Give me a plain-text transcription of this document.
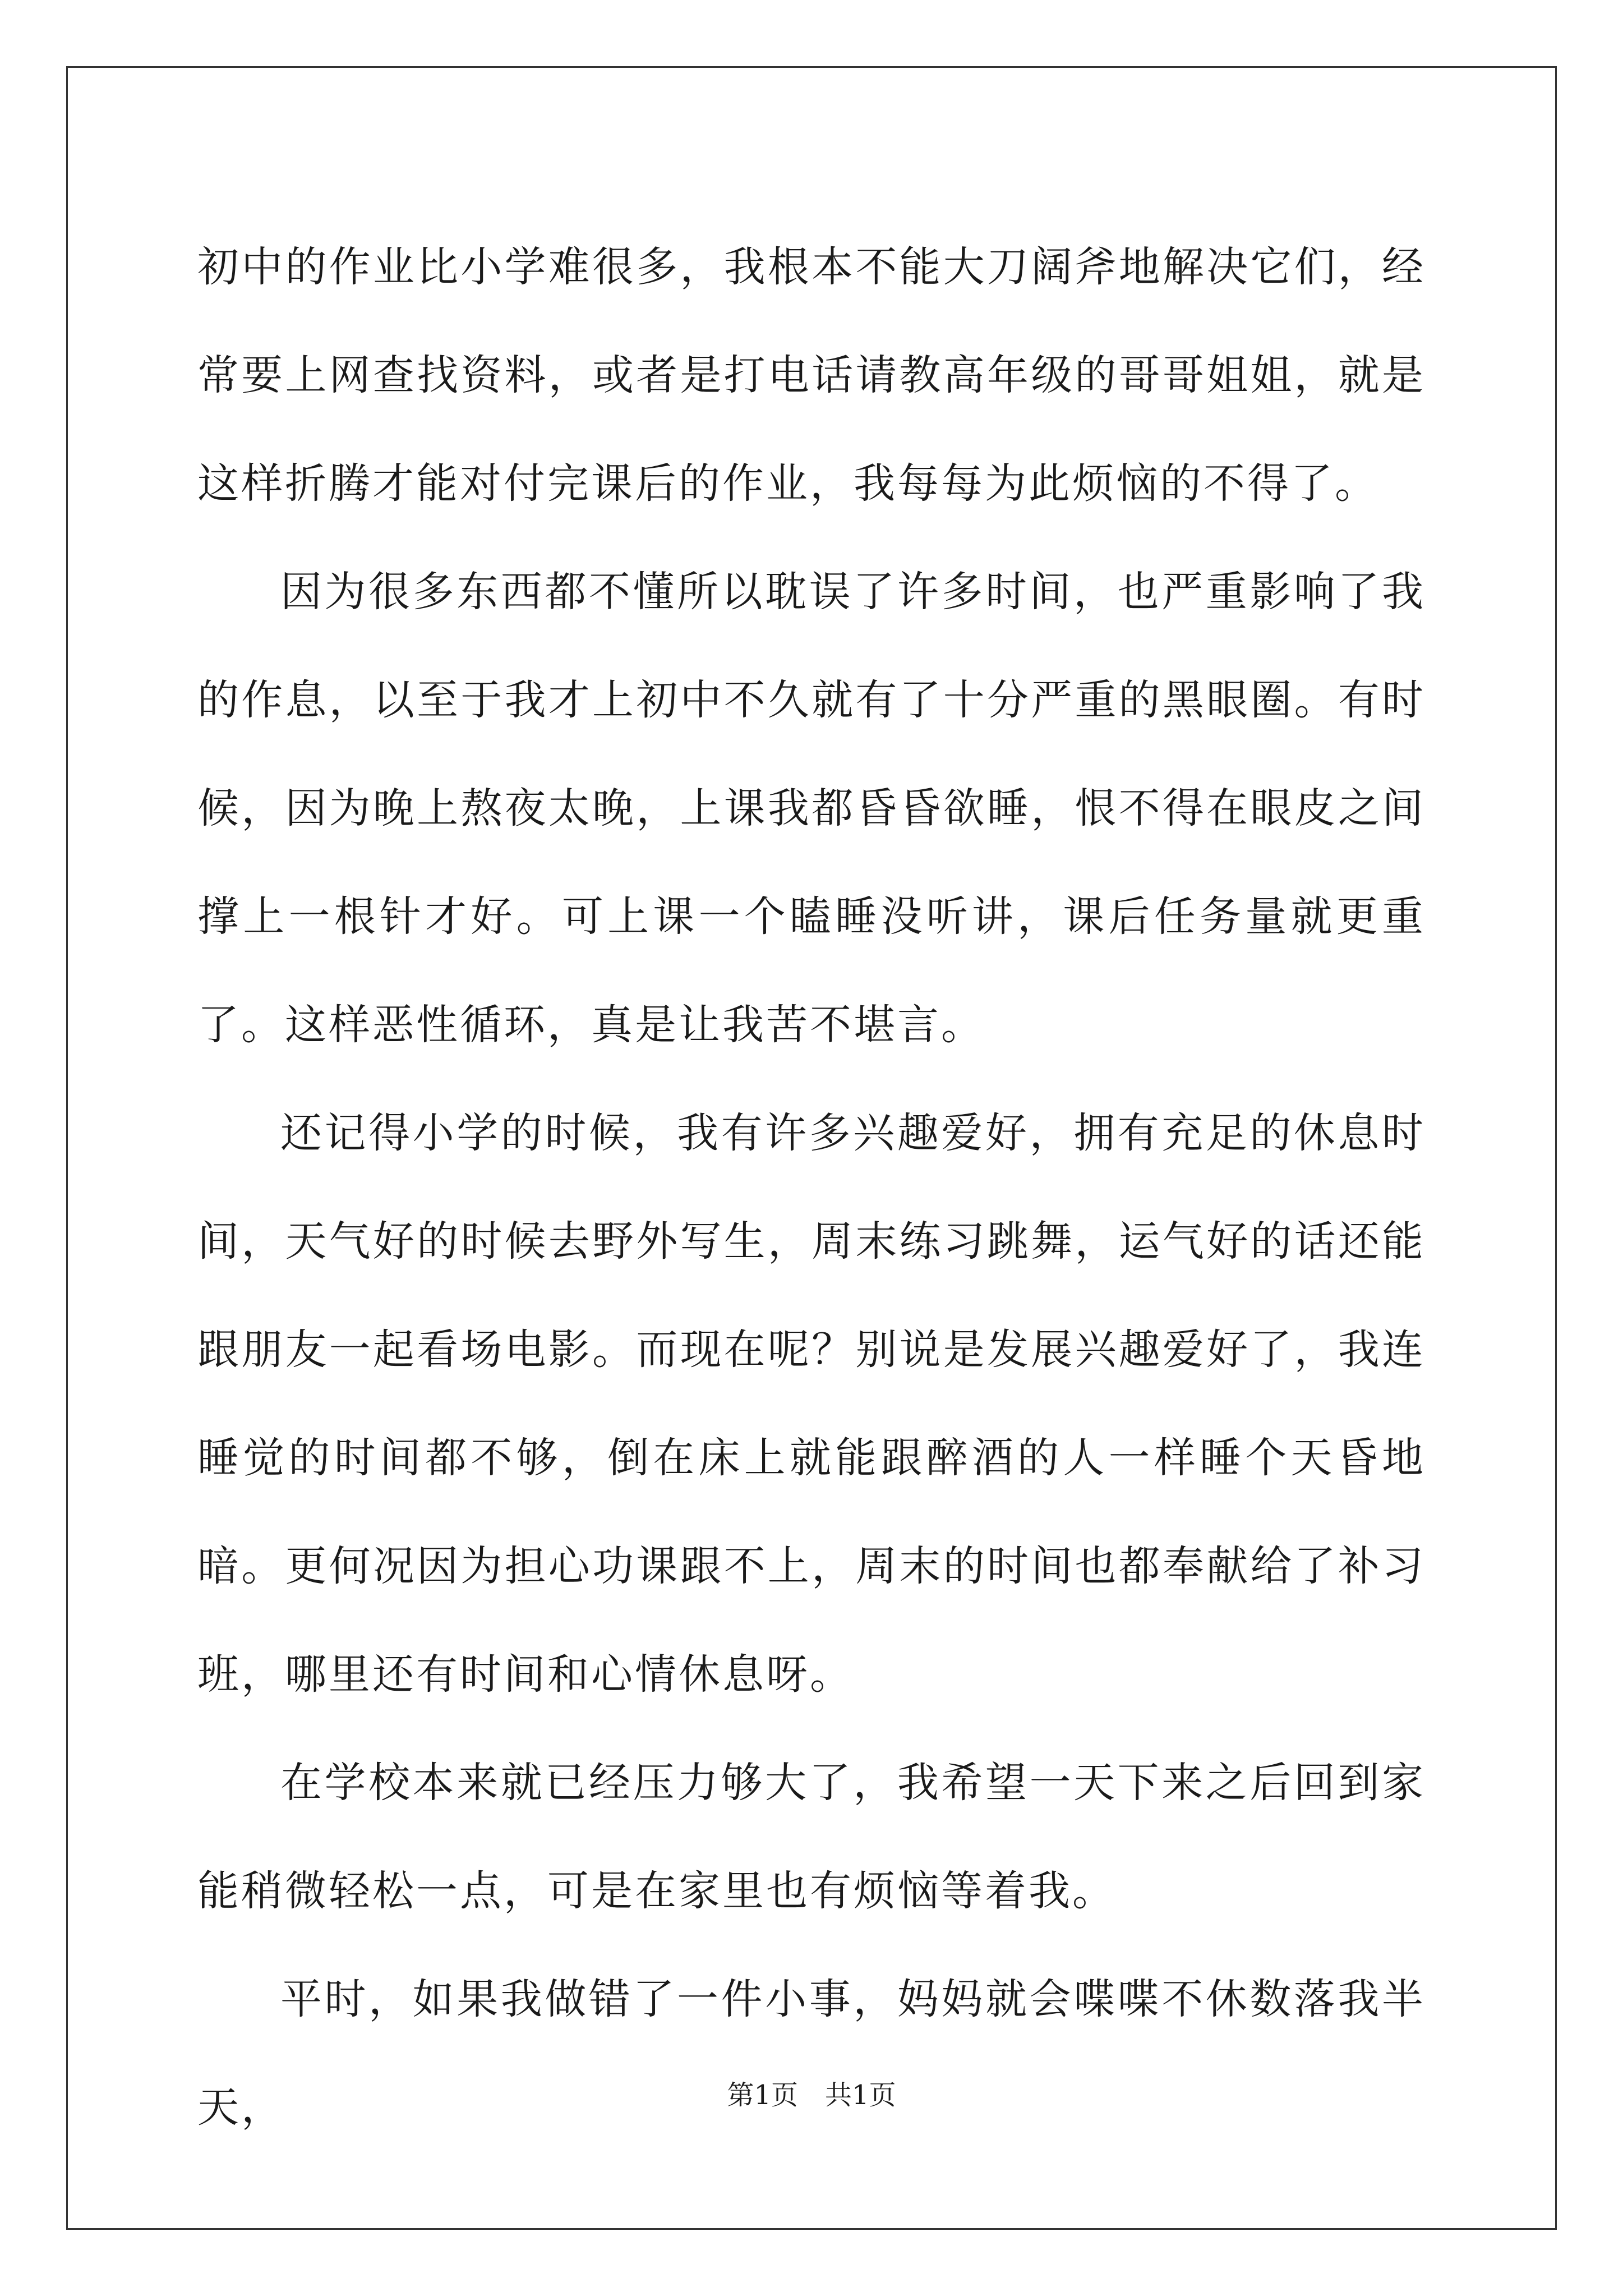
初中的作业比小学难很多，我根本不能大刀阔斧地解决它们，经常要上网查找资料，或者是打电话请教高年级的哥哥姐姐，就是这样折腾才能对付完课后的作业，我每每为此烦恼的不得了。

因为很多东西都不懂所以耽误了许多时间，也严重影响了我的作息，以至于我才上初中不久就有了十分严重的黑眼圈。有时候，因为晚上熬夜太晚，上课我都昏昏欲睡，恨不得在眼皮之间撑上一根针才好。可上课一个瞌睡没听讲，课后任务量就更重了。这样恶性循环，真是让我苦不堪言。

还记得小学的时候，我有许多兴趣爱好，拥有充足的休息时间，天气好的时候去野外写生，周末练习跳舞，运气好的话还能跟朋友一起看场电影。而现在呢？别说是发展兴趣爱好了，我连睡觉的时间都不够，倒在床上就能跟醉酒的人一样睡个天昏地暗。更何况因为担心功课跟不上，周末的时间也都奉献给了补习班，哪里还有时间和心情休息呀。

在学校本来就已经压力够大了，我希望一天下来之后回到家能稍微轻松一点，可是在家里也有烦恼等着我。

平时，如果我做错了一件小事，妈妈就会喋喋不休数落我半天，	第1页　共1页
